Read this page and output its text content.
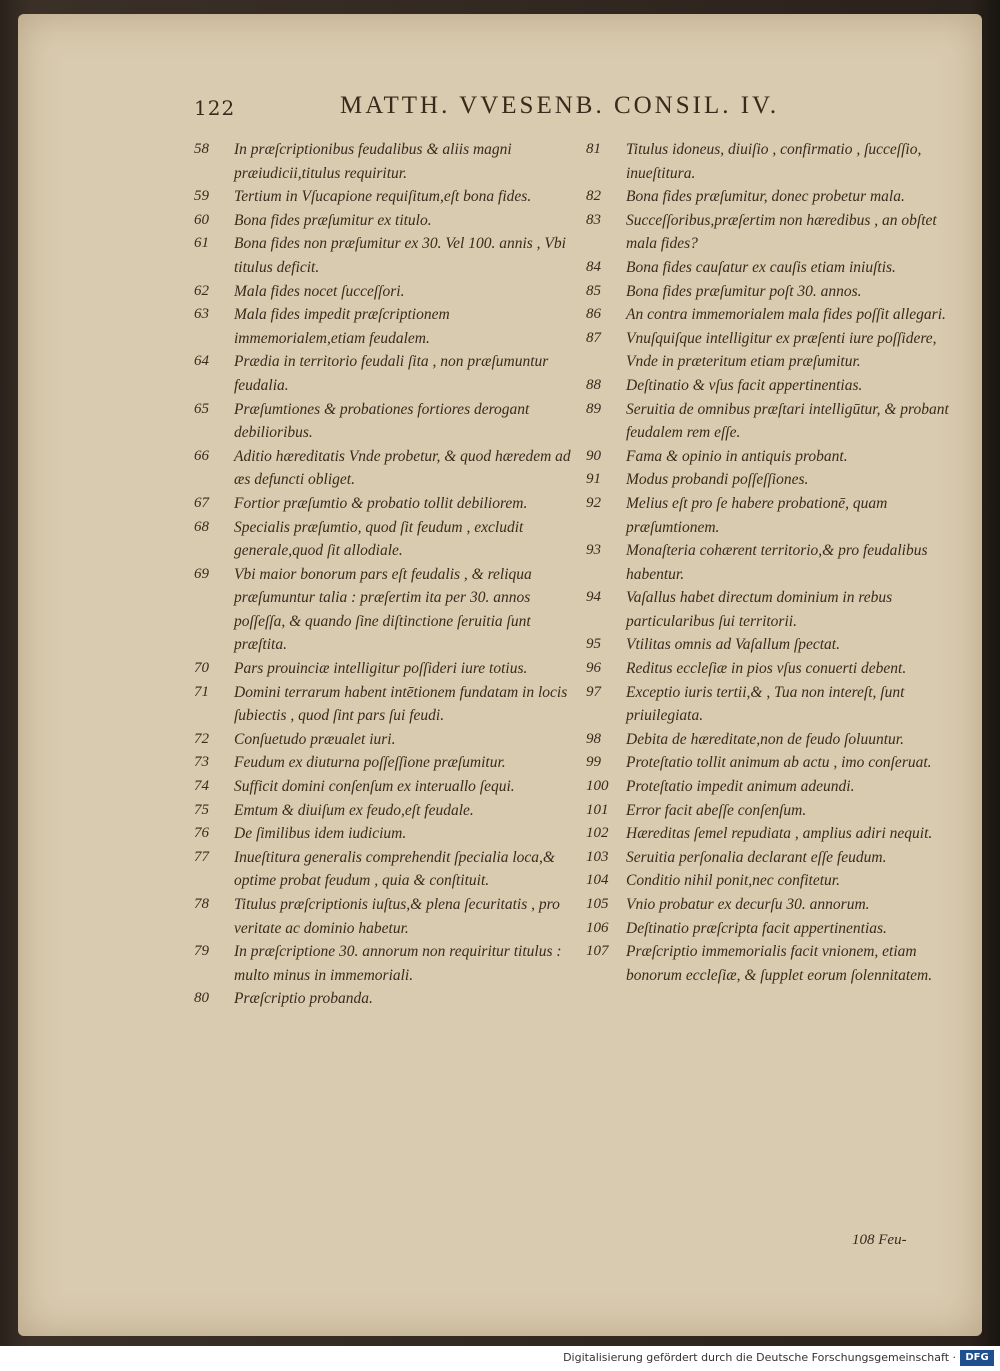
122	MATTH. VVESENB. CONSIL. IV.

58	In præſcriptionibus feudalibus & aliis magni præiudicii,titulus requiritur.

59	Tertium in Vſucapione requiſitum,eſt bona fides.

60	Bona fides præſumitur ex titulo.

61	Bona fides non præſumitur ex 30. Vel 100. annis , Vbi titulus deficit.

62	Mala fides nocet ſucceſſori.

63	Mala fides impedit præſcriptionem immemorialem,etiam feudalem.

64	Prædia in territorio feudali ſita , non præſumuntur feudalia.

65	Præſumtiones & probationes fortiores derogant debilioribus.

66	Aditio hæreditatis Vnde probetur, & quod hæredem ad æs defuncti obliget.

67	Fortior præſumtio & probatio tollit debiliorem.

68	Specialis præſumtio, quod ſit feudum , excludit generale,quod ſit allodiale.

69	Vbi maior bonorum pars eſt feudalis , & reliqua præſumuntur talia : præſertim ita per 30. annos poſſeſſa, & quando ſine diſtinctione ſeruitia ſunt præſtita.

70	Pars prouinciæ intelligitur poſſideri iure totius.

71	Domini terrarum habent intētionem fundatam in locis ſubiectis , quod ſint pars ſui feudi.

72	Conſuetudo præualet iuri.

73	Feudum ex diuturna poſſeſſione præſumitur.

74	Sufficit domini conſenſum ex interuallo ſequi.

75	Emtum & diuiſum ex feudo,eſt feudale.

76	De ſimilibus idem iudicium.

77	Inueſtitura generalis comprehendit ſpecialia loca,& optime probat feudum , quia & conſtituit.

78	Titulus præſcriptionis iuſtus,& plena ſecuritatis , pro veritate ac dominio habetur.

79	In præſcriptione 30. annorum non requiritur titulus : multo minus in immemoriali.

80	Præſcriptio probanda.

81	Titulus idoneus, diuiſio , confirmatio , ſucceſſio, inueſtitura.

82	Bona fides præſumitur, donec probetur mala.

83	Succeſſoribus,præſertim non hæredibus , an obſtet mala fides?

84	Bona fides cauſatur ex cauſis etiam iniuſtis.

85	Bona fides præſumitur poſt 30. annos.

86	An contra immemorialem mala fides poſſit allegari.

87	Vnuſquiſque intelligitur ex præſenti iure poſſidere, Vnde in præteritum etiam præſumitur.

88	Deſtinatio & vſus facit appertinentias.

89	Seruitia de omnibus præſtari intelligūtur, & probant feudalem rem eſſe.

90	Fama & opinio in antiquis probant.

91	Modus probandi poſſeſſiones.

92	Melius eſt pro ſe habere probationē, quam præſumtionem.

93	Monaſteria cohærent territorio,& pro feudalibus habentur.

94	Vaſallus habet directum dominium in rebus particularibus ſui territorii.

95	Vtilitas omnis ad Vaſallum ſpectat.

96	Reditus eccleſiæ in pios vſus conuerti debent.

97	Exceptio iuris tertii,& , Tua non intereſt, ſunt priuilegiata.

98	Debita de hæreditate,non de feudo ſoluuntur.

99	Proteſtatio tollit animum ab actu , imo conſeruat.

100	Proteſtatio impedit animum adeundi.

101	Error facit abeſſe conſenſum.

102	Hæreditas ſemel repudiata , amplius adiri nequit.

103	Seruitia perſonalia declarant eſſe feudum.

104	Conditio nihil ponit,nec confitetur.

105	Vnio probatur ex decurſu 30. annorum.

106	Deſtinatio præſcripta facit appertinentias.

107	Præſcriptio immemorialis facit vnionem, etiam bonorum eccleſiæ, & ſupplet eorum ſolennitatem.

108 Feu-
Digitalisierung gefördert durch die Deutsche Forschungsgemeinschaft · DFG
